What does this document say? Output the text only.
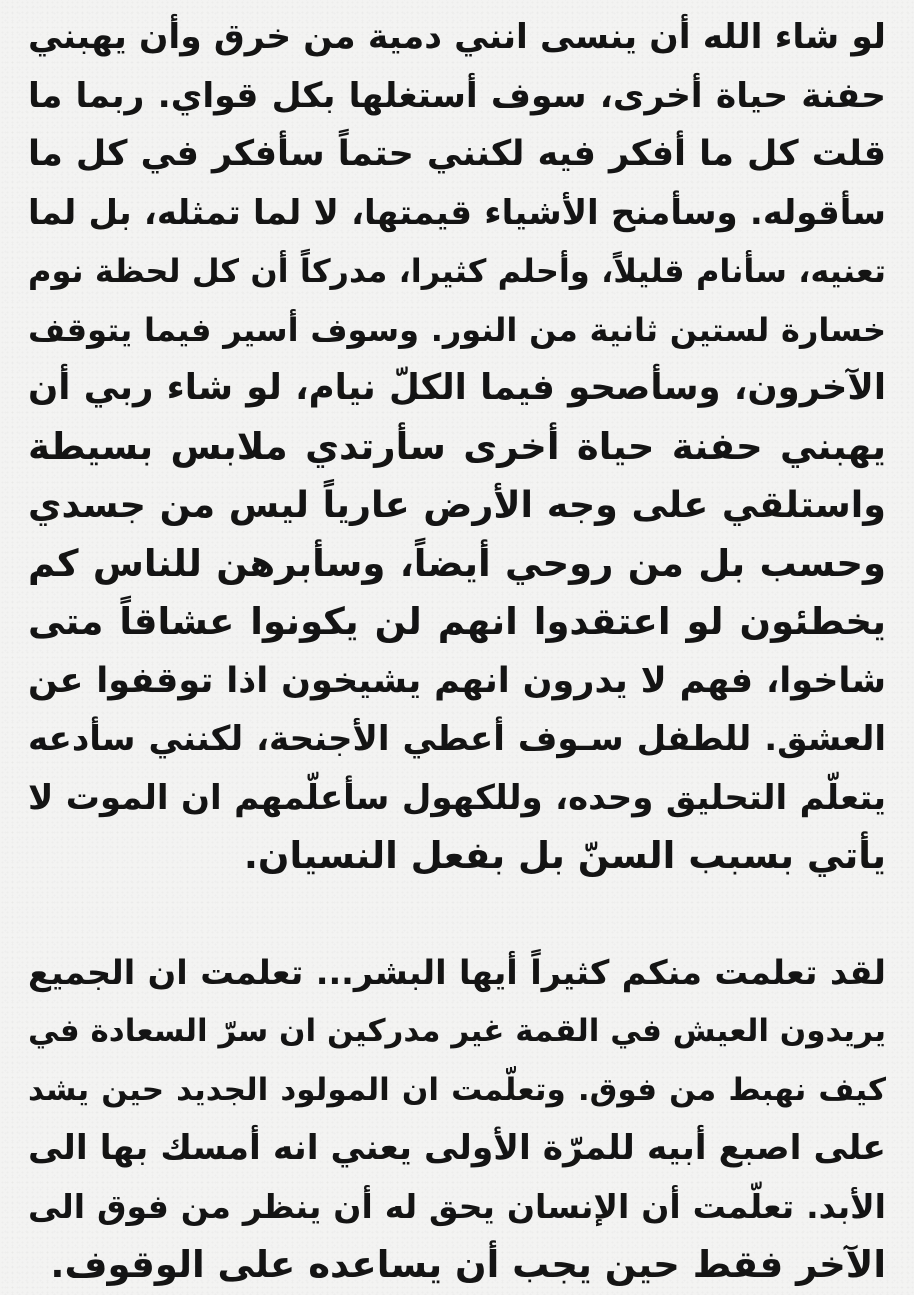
لو شاء الله أن ينسى انني دمية من خرق وأن يهبني
حفنة حياة أخرى، سوف أستغلها بكل قواي. ربما ما
قلت كل ما أفكر فيه لكنني حتماً سأفكر في كل ما
سأقوله. وسأمنح الأشياء قيمتها، لا لما تمثله، بل لما
تعنيه، سأنام قليلاً، وأحلم كثيرا، مدركاً أن كل لحظة نوم
خسارة لستين ثانية من النور. وسوف أسير فيما يتوقف
الآخرون، وسأصحو فيما الكلّ نيام، لو شاء ربي أن
يهبني حفنة حياة أخرى سأرتدي ملابس بسيطة
واستلقي على وجه الأرض عارياً ليس من جسدي
وحسب بل من روحي أيضاً، وسأبرهن للناس كم
يخطئون لو اعتقدوا انهم لن يكونوا عشاقاً متى
شاخوا، فهم لا يدرون انهم يشيخون اذا توقفوا عن
العشق. للطفل سـوف أعطي الأجنحة، لكنني سأدعه
يتعلّم التحليق وحده، وللكهول سأعلّمهم ان الموت لا
يأتي بسبب السنّ بل بفعل النسيان.
لقد تعلمت منكم كثيراً أيها البشر... تعلمت ان الجميع
يريدون العيش في القمة غير مدركين ان سرّ السعادة في
كيف نهبط من فوق. وتعلّمت ان المولود الجديد حين يشد
على اصبع أبيه للمرّة الأولى يعني انه أمسك بها الى
الأبد. تعلّمت أن الإنسان يحق له أن ينظر من فوق الى
الآخر فقط حين يجب أن يساعده على الوقوف.
